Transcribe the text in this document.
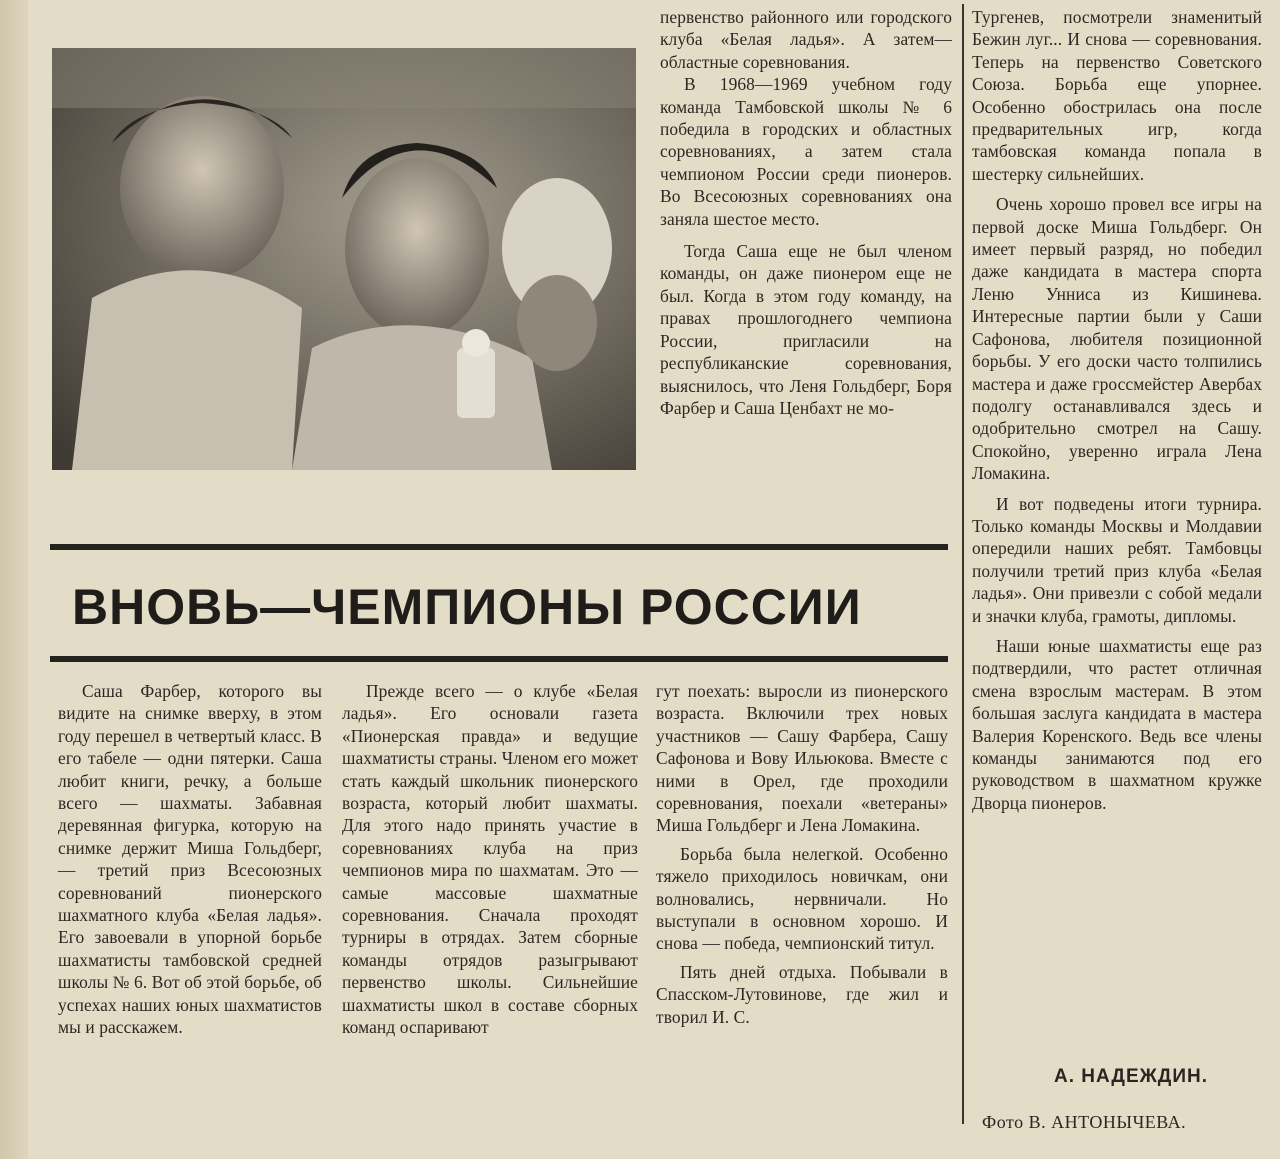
первенство районного или городского клуба «Белая ладья». А затем—областные соревнования.

В 1968—1969 учебном году команда Тамбовской школы № 6 победила в городских и областных соревнованиях, а затем стала чемпионом России среди пионеров. Во Всесоюзных соревнованиях она заняла шестое место.

Тогда Саша еще не был членом команды, он даже пионером еще не был. Когда в этом году команду, на правах прошлогоднего чемпиона России, пригласили на республиканские соревнования, выяснилось, что Леня Гольдберг, Боря Фарбер и Саша Ценбахт не мо-

Тургенев, посмотрели знаменитый Бежин луг... И снова — соревнования. Теперь на первенство Советского Союза. Борьба еще упорнее. Особенно обострилась она после предварительных игр, когда тамбовская команда попала в шестерку сильнейших.

Очень хорошо провел все игры на первой доске Миша Гольдберг. Он имеет первый разряд, но победил даже кандидата в мастера спорта Леню Унниса из Кишинева. Интересные партии были у Саши Сафонова, любителя позиционной борьбы. У его доски часто толпились мастера и даже гроссмейстер Авербах подолгу останавливался здесь и одобрительно смотрел на Сашу. Спокойно, уверенно играла Лена Ломакина.

И вот подведены итоги турнира. Только команды Москвы и Молдавии опередили наших ребят. Тамбовцы получили третий приз клуба «Белая ладья». Они привезли с собой медали и значки клуба, грамоты, дипломы.

Наши юные шахматисты еще раз подтвердили, что растет отличная смена взрослым мастерам. В этом большая заслуга кандидата в мастера Валерия Коренского. Ведь все члены команды занимаются под его руководством в шахматном кружке Дворца пионеров.

ВНОВЬ—ЧЕМПИОНЫ РОССИИ

Саша Фарбер, которого вы видите на снимке вверху, в этом году перешел в четвертый класс. В его табеле — одни пятерки. Саша любит книги, речку, а больше всего — шахматы. Забавная деревянная фигурка, которую на снимке держит Миша Гольдберг, — третий приз Всесоюзных соревнований пионерского шахматного клуба «Белая ладья». Его завоевали в упорной борьбе шахматисты тамбовской средней школы № 6. Вот об этой борьбе, об успехах наших юных шахматистов мы и расскажем.

Прежде всего — о клубе «Белая ладья». Его основали газета «Пионерская правда» и ведущие шахматисты страны. Членом его может стать каждый школьник пионерского возраста, который любит шахматы. Для этого надо принять участие в соревнованиях клуба на приз чемпионов мира по шахматам. Это — самые массовые шахматные соревнования. Сначала проходят турниры в отрядах. Затем сборные команды отрядов разыгрывают первенство школы. Сильнейшие шахматисты школ в составе сборных команд оспаривают

гут поехать: выросли из пионерского возраста. Включили трех новых участников — Сашу Фарбера, Сашу Сафонова и Вову Ильюкова. Вместе с ними в Орел, где проходили соревнования, поехали «ветераны» Миша Гольдберг и Лена Ломакина.

Борьба была нелегкой. Особенно тяжело приходилось новичкам, они волновались, нервничали. Но выступали в основном хорошо. И снова — победа, чемпионский титул.

Пять дней отдыха. Побывали в Спасском-Лутовинове, где жил и творил И. С.

А. НАДЕЖДИН.
Фото В. АНТОНЫЧЕВА.
